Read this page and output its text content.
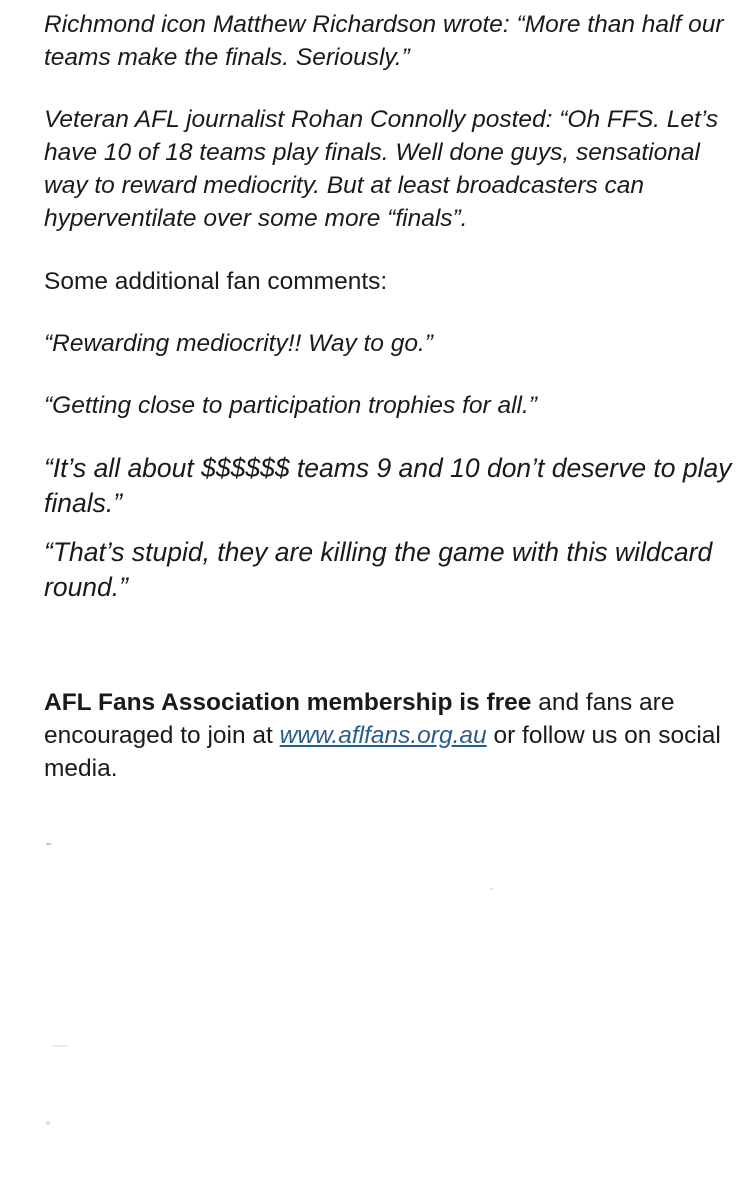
Richmond icon Matthew Richardson wrote: “More than half our teams make the finals. Seriously.”

Veteran AFL journalist Rohan Connolly posted: “Oh FFS. Let’s have 10 of 18 teams play finals. Well done guys, sensational way to reward mediocrity. But at least broadcasters can hyperventilate over some more “finals”.

Some additional fan comments:

“Rewarding mediocrity!! Way to go.”

“Getting close to participation trophies for all.”

“It’s all about $$$$$$ teams 9 and 10 don’t deserve to play finals.”

“That’s stupid, they are killing the game with this wildcard round.”

AFL Fans Association membership is free and fans are encouraged to join at www.aflfans.org.au or follow us on social media.
